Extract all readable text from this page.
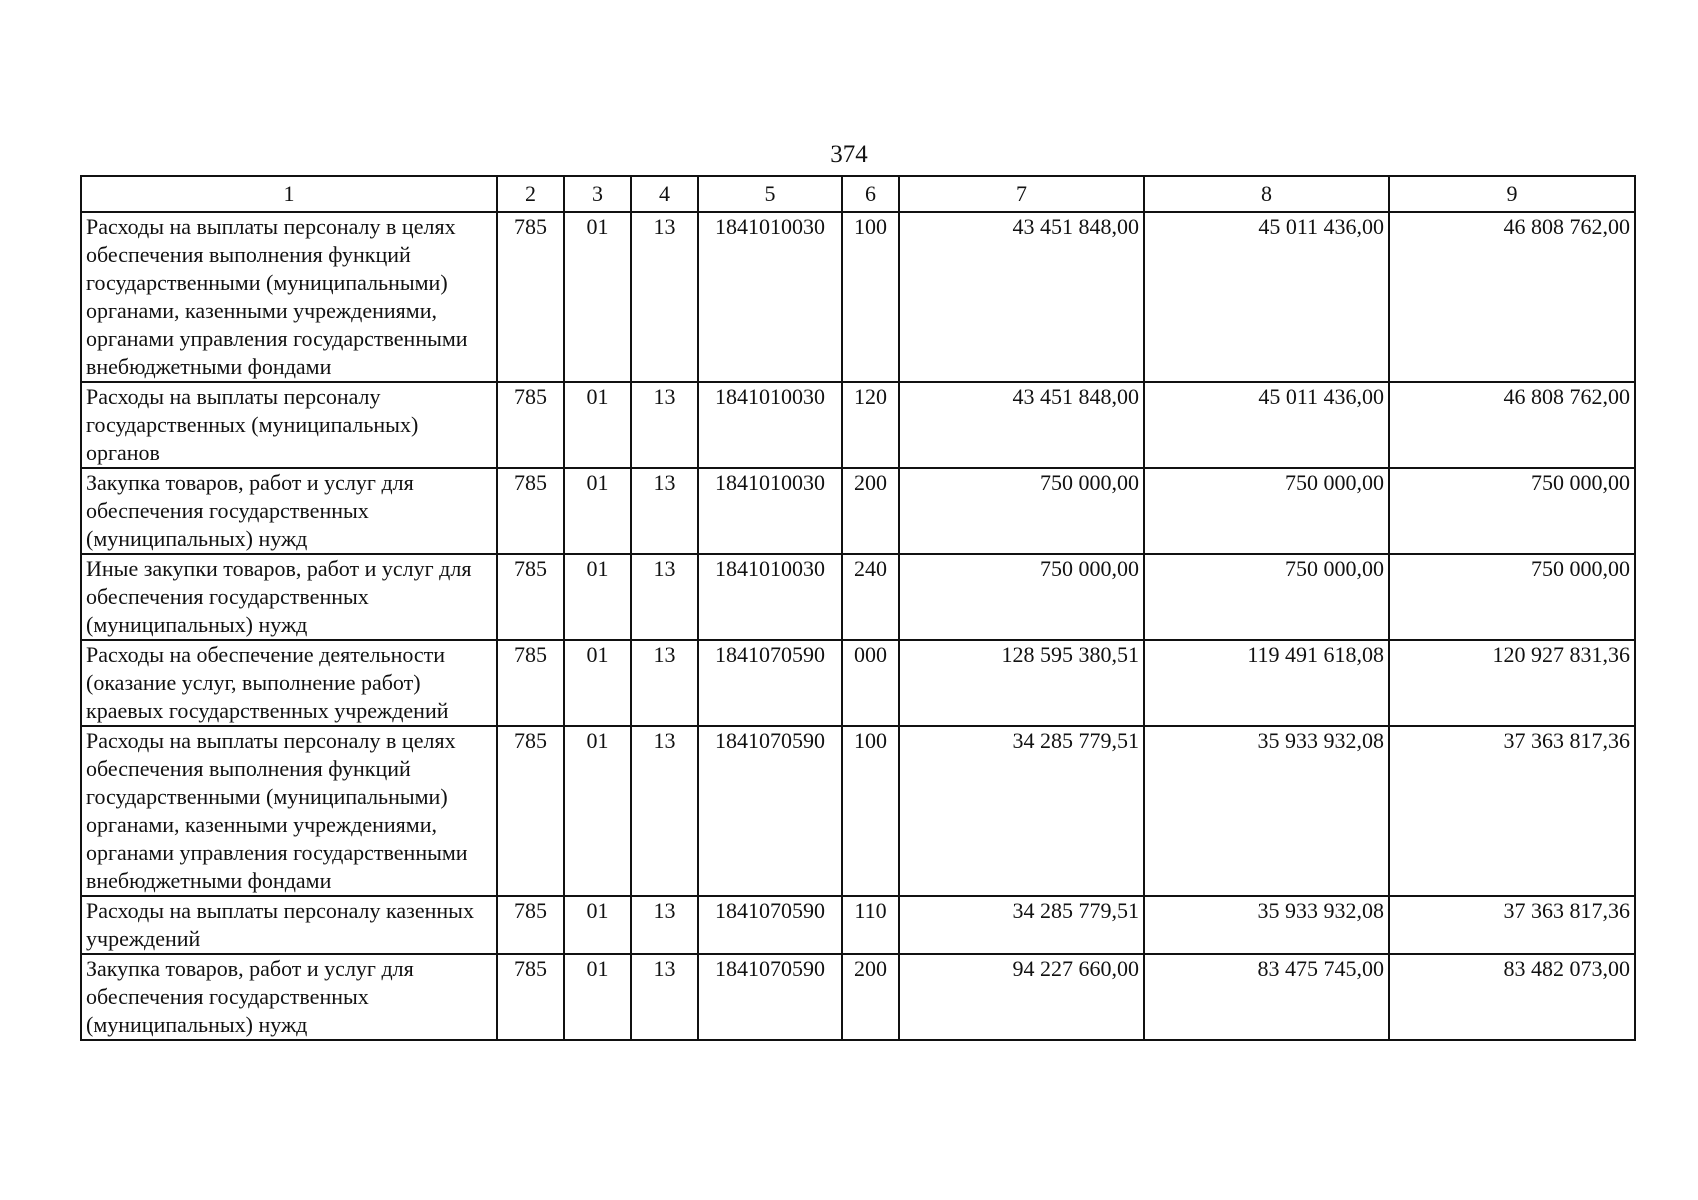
374
1	2	3	4	5	6	7	8	9
Расходы на выплаты персоналу в целях обеспечения выполнения функций государственными (муниципальными) органами, казенными учреждениями, органами управления государственными внебюджетными фондами	785	01	13	1841010030	100	43 451 848,00	45 011 436,00	46 808 762,00
Расходы на выплаты персоналу государственных (муниципальных) органов	785	01	13	1841010030	120	43 451 848,00	45 011 436,00	46 808 762,00
Закупка товаров, работ и услуг для обеспечения государственных (муниципальных) нужд	785	01	13	1841010030	200	750 000,00	750 000,00	750 000,00
Иные закупки товаров, работ и услуг для обеспечения государственных (муниципальных) нужд	785	01	13	1841010030	240	750 000,00	750 000,00	750 000,00
Расходы на обеспечение деятельности (оказание услуг, выполнение работ) краевых государственных учреждений	785	01	13	1841070590	000	128 595 380,51	119 491 618,08	120 927 831,36
Расходы на выплаты персоналу в целях обеспечения выполнения функций государственными (муниципальными) органами, казенными учреждениями, органами управления государственными внебюджетными фондами	785	01	13	1841070590	100	34 285 779,51	35 933 932,08	37 363 817,36
Расходы на выплаты персоналу казенных учреждений	785	01	13	1841070590	110	34 285 779,51	35 933 932,08	37 363 817,36
Закупка товаров, работ и услуг для обеспечения государственных (муниципальных) нужд	785	01	13	1841070590	200	94 227 660,00	83 475 745,00	83 482 073,00
